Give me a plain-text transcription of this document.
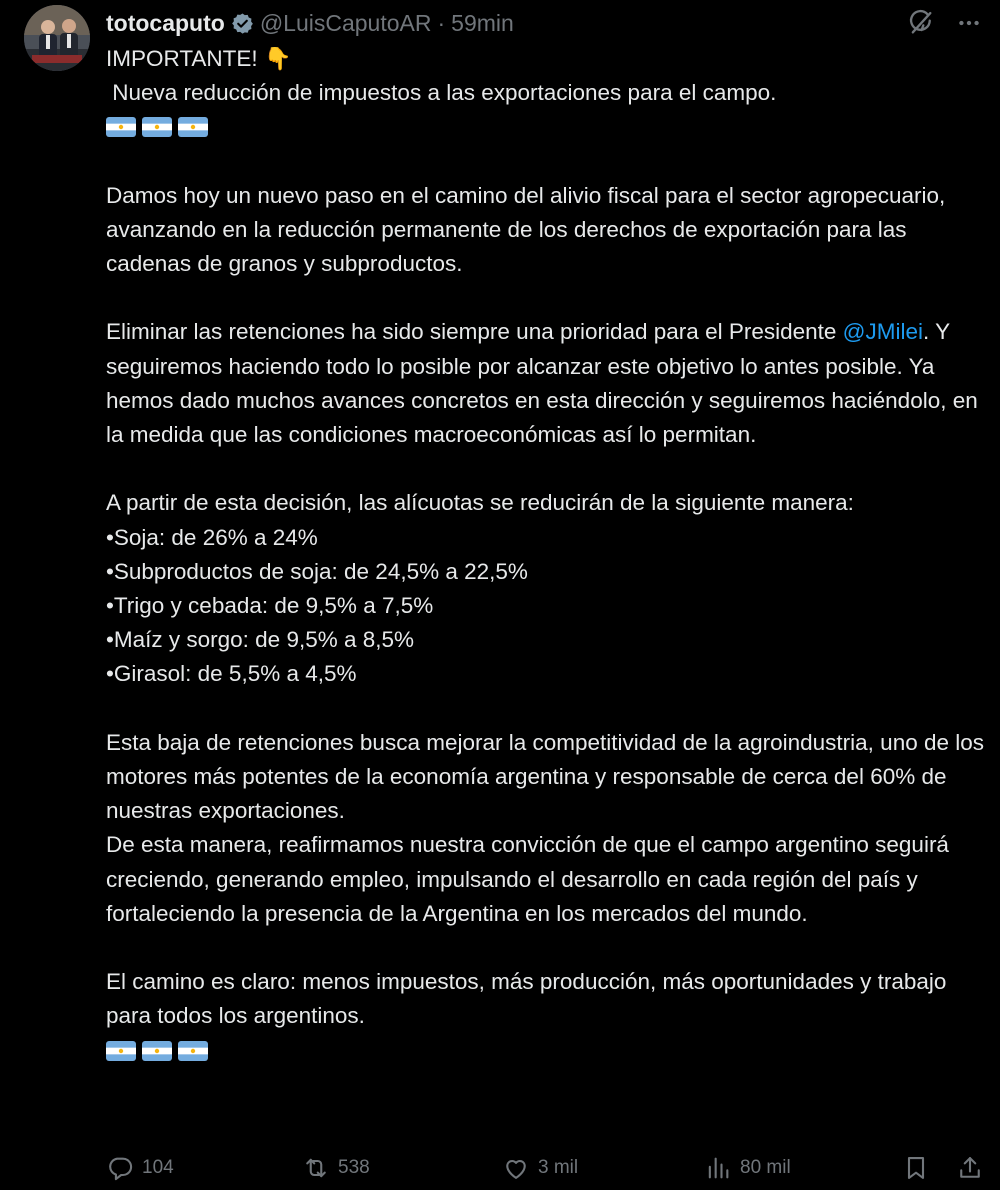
totocaputo @LuisCaputoAR · 59min

IMPORTANTE! 👇

Nueva reducción de impuestos a las exportaciones para el campo.

Damos hoy un nuevo paso en el camino del alivio fiscal para el sector agropecuario, avanzando en la reducción permanente de los derechos de exportación para las cadenas de granos y subproductos.

Eliminar las retenciones ha sido siempre una prioridad para el Presidente @JMilei. Y seguiremos haciendo todo lo posible por alcanzar este objetivo lo antes posible. Ya hemos dado muchos avances concretos en esta dirección y seguiremos haciéndolo, en la medida que las condiciones macroeconómicas así lo permitan.

A partir de esta decisión, las alícuotas se reducirán de la siguiente manera:

•Soja: de 26% a 24%

•Subproductos de soja: de 24,5% a 22,5%

•Trigo y cebada: de 9,5% a 7,5%

•Maíz y sorgo: de 9,5% a 8,5%

•Girasol: de 5,5% a 4,5%

Esta baja de retenciones busca mejorar la competitividad de la agroindustria, uno de los motores más potentes de la economía argentina y responsable de cerca del 60% de nuestras exportaciones.

De esta manera, reafirmamos nuestra convicción de que el campo argentino seguirá creciendo, generando empleo, impulsando el desarrollo en cada región del país y fortaleciendo la presencia de la Argentina en los mercados del mundo.

El camino es claro: menos impuestos, más producción, más oportunidades y trabajo para todos los argentinos.

104	538	3 mil	80 mil
